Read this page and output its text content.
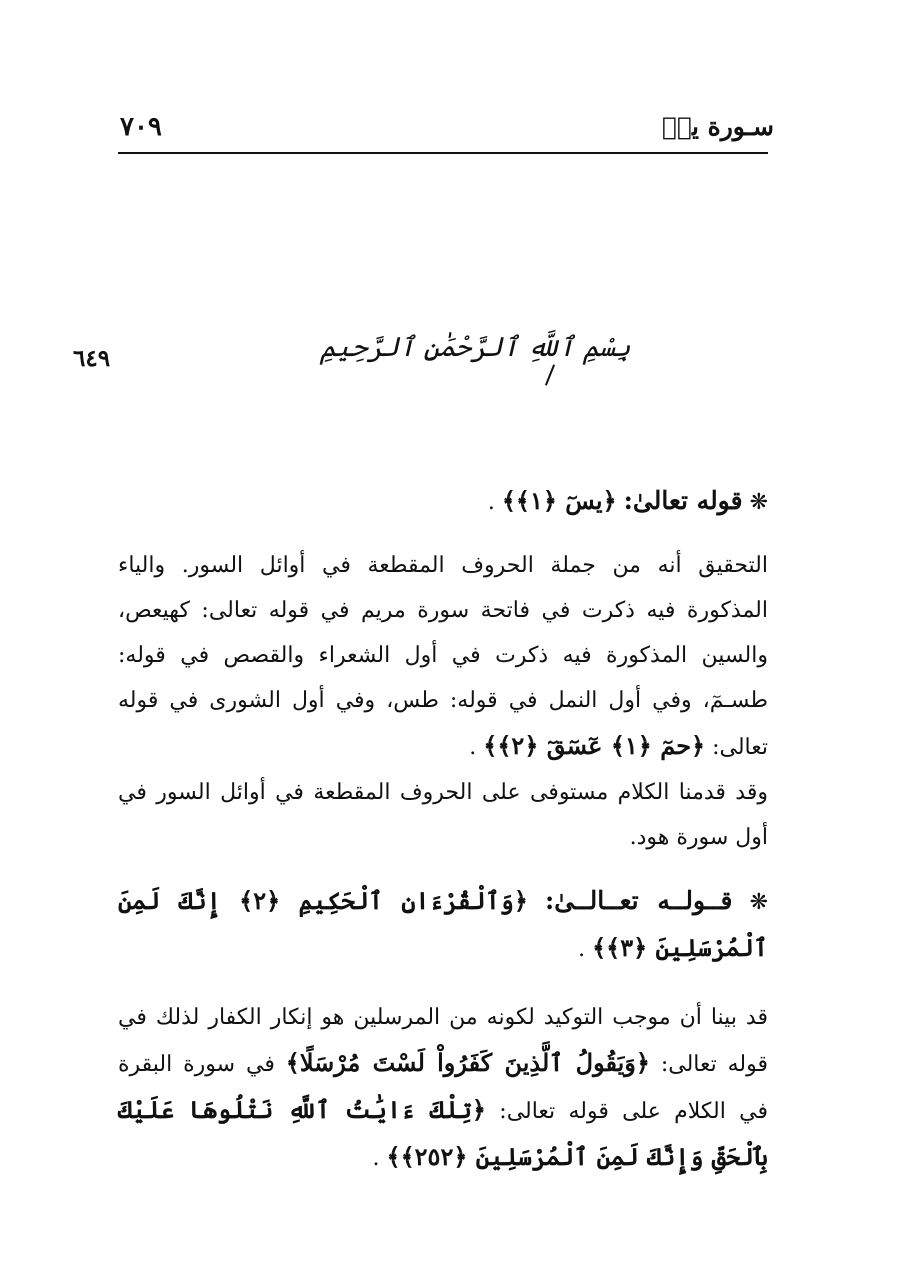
سـورة يسۤ
٧٠٩
بِسْمِ ٱللَّهِ ٱلرَّحْمَٰنِ ٱلرَّحِيمِ
٦٤٩
❋ قوله تعالىٰ: ﴿يسٓ ﴿١﴾﴾ .
التحقيق أنه من جملة الحروف المقطعة في أوائل السور. والياء المذكورة فيه ذكرت في فاتحة سورة مريم في قوله تعالى: كهيعص، والسين المذكورة فيه ذكرت في أول الشعراء والقصص في قوله: طسـمٓ، وفي أول النمل في قوله: طس، وفي أول الشورى في قوله تعالى: ﴿حمٓ ﴿١﴾ عٓسٓقٓ ﴿٢﴾﴾ .
وقد قدمنا الكلام مستوفى على الحروف المقطعة في أوائل السور في أول سورة هود.
❋ قــولــه تعــالــىٰ: ﴿وَٱلْقُرْءَانِ ٱلْحَكِيمِ ﴿٢﴾ إِنَّكَ لَمِنَ ٱلْمُرْسَلِينَ ﴿٣﴾﴾ .
قد بينا أن موجب التوكيد لكونه من المرسلين هو إنكار الكفار لذلك في قوله تعالى: ﴿وَيَقُولُ ٱلَّذِينَ كَفَرُواْ لَسْتَ مُرْسَلًا﴾ في سورة البقرة في الكلام على قوله تعالى: ﴿تِلْكَ ءَايَٰتُ ٱللَّهِ نَتْلُوهَا عَلَيْكَ بِٱلْحَقِّ وَإِنَّكَ لَمِنَ ٱلْمُرْسَلِينَ ﴿٢٥٢﴾﴾ .
